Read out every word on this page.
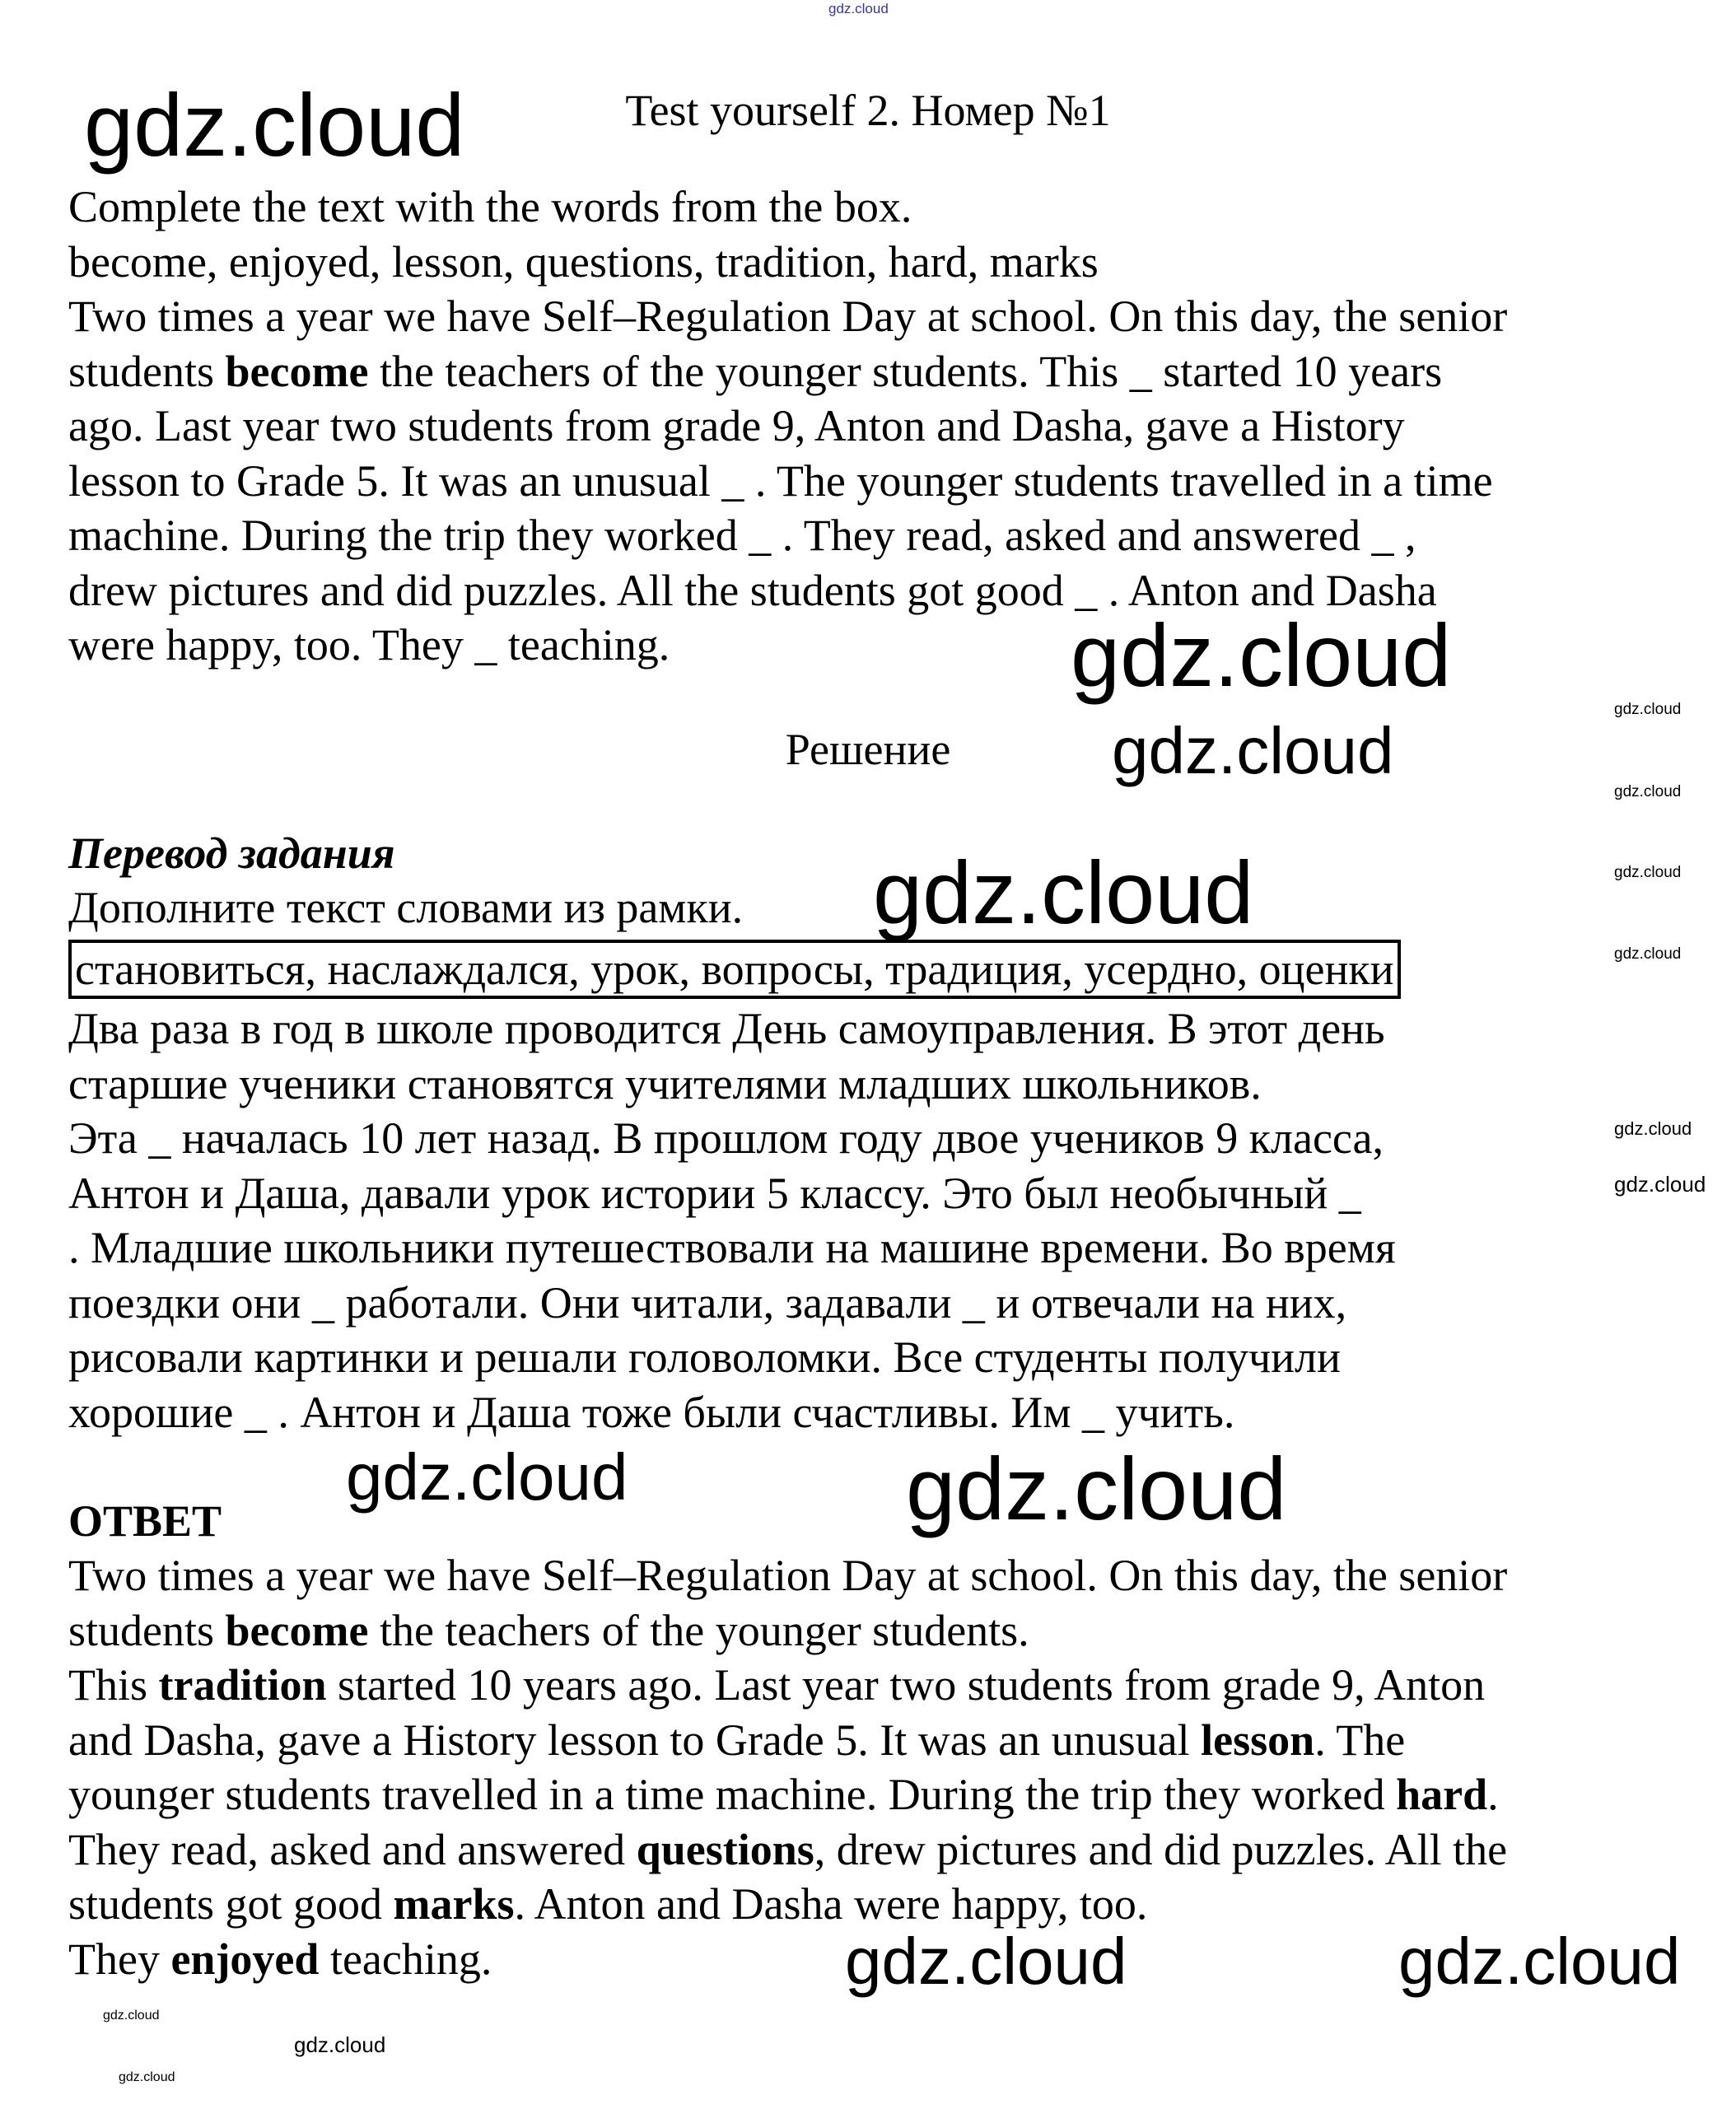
gdz.cloud
Test yourself 2. Номер №1
Complete the text with the words from the box.
become, enjoyed, lesson, questions, tradition, hard, marks
Two times a year we have Self–Regulation Day at school. On this day, the senior
students become the teachers of the younger students. This _ started 10 years
ago. Last year two students from grade 9, Anton and Dasha, gave a History
lesson to Grade 5. It was an unusual _ . The younger students travelled in a time
machine. During the trip they worked _ . They read, asked and answered _ ,
drew pictures and did puzzles. All the students got good _ . Anton and Dasha
were happy, too. They _ teaching.
Решение
Перевод задания
Дополните текст словами из рамки.
становиться, наслаждался, урок, вопросы, традиция, усердно, оценки
Два раза в год в школе проводится День самоуправления. В этот день
старшие ученики становятся учителями младших школьников.
Эта _ началась 10 лет назад. В прошлом году двое учеников 9 класса,
Антон и Даша, давали урок истории 5 классу. Это был необычный _
. Младшие школьники путешествовали на машине времени. Во время
поездки они _ работали. Они читали, задавали _ и отвечали на них,
рисовали картинки и решали головоломки. Все студенты получили
хорошие _ . Антон и Даша тоже были счастливы. Им _ учить.
ОТВЕТ
Two times a year we have Self–Regulation Day at school. On this day, the senior
students become the teachers of the younger students.
This tradition started 10 years ago. Last year two students from grade 9, Anton
and Dasha, gave a History lesson to Grade 5. It was an unusual lesson. The
younger students travelled in a time machine. During the trip they worked hard.
They read, asked and answered questions, drew pictures and did puzzles. All the
students got good marks. Anton and Dasha were happy, too.
They enjoyed teaching.
gdz.cloud
gdz.cloud
gdz.cloud
gdz.cloud
gdz.cloud	gdz.cloud
gdz.cloud	gdz.cloud
gdz.cloud
gdz.cloud
gdz.cloud
gdz.cloud
gdz.cloud
gdz.cloud
gdz.cloud
gdz.cloud
gdz.cloud
